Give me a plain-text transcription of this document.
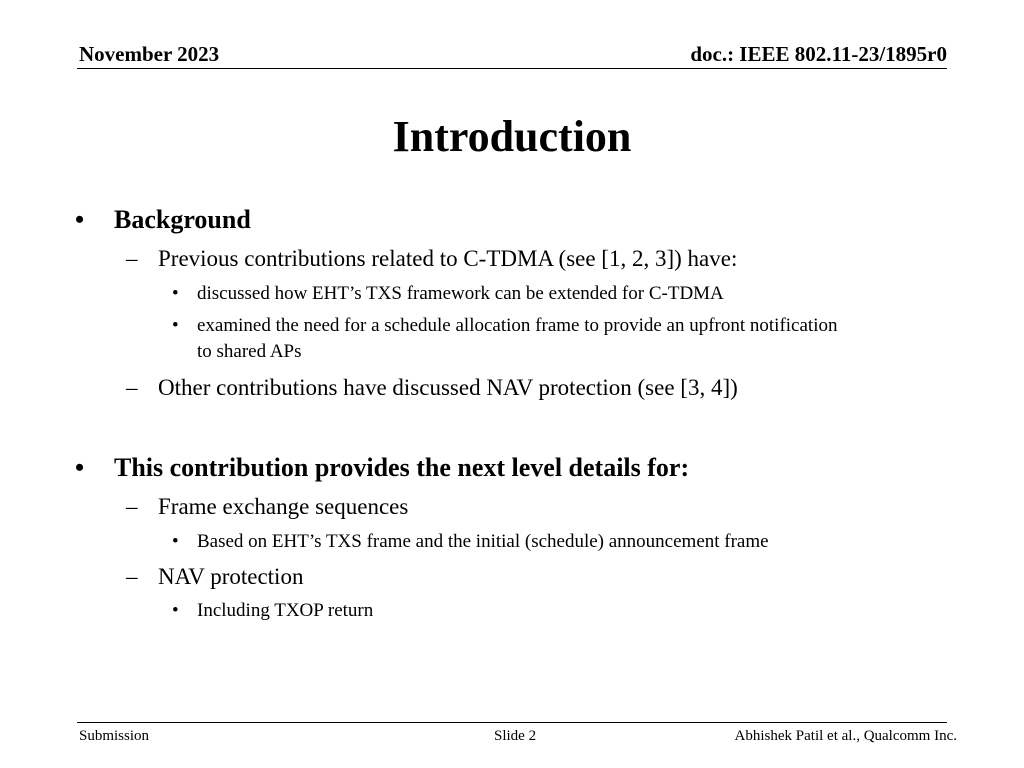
November 2023	doc.: IEEE 802.11-23/1895r0
Introduction
• Background
– Previous contributions related to C-TDMA (see [1, 2, 3]) have:
• discussed how EHT’s TXS framework can be extended for C-TDMA
• examined the need for a schedule allocation frame to provide an upfront notification
to shared APs
– Other contributions have discussed NAV protection (see [3, 4])
• This contribution provides the next level details for:
– Frame exchange sequences
• Based on EHT’s TXS frame and the initial (schedule) announcement frame
– NAV protection
• Including TXOP return
Submission	Slide 2	Abhishek Patil et al., Qualcomm Inc.
